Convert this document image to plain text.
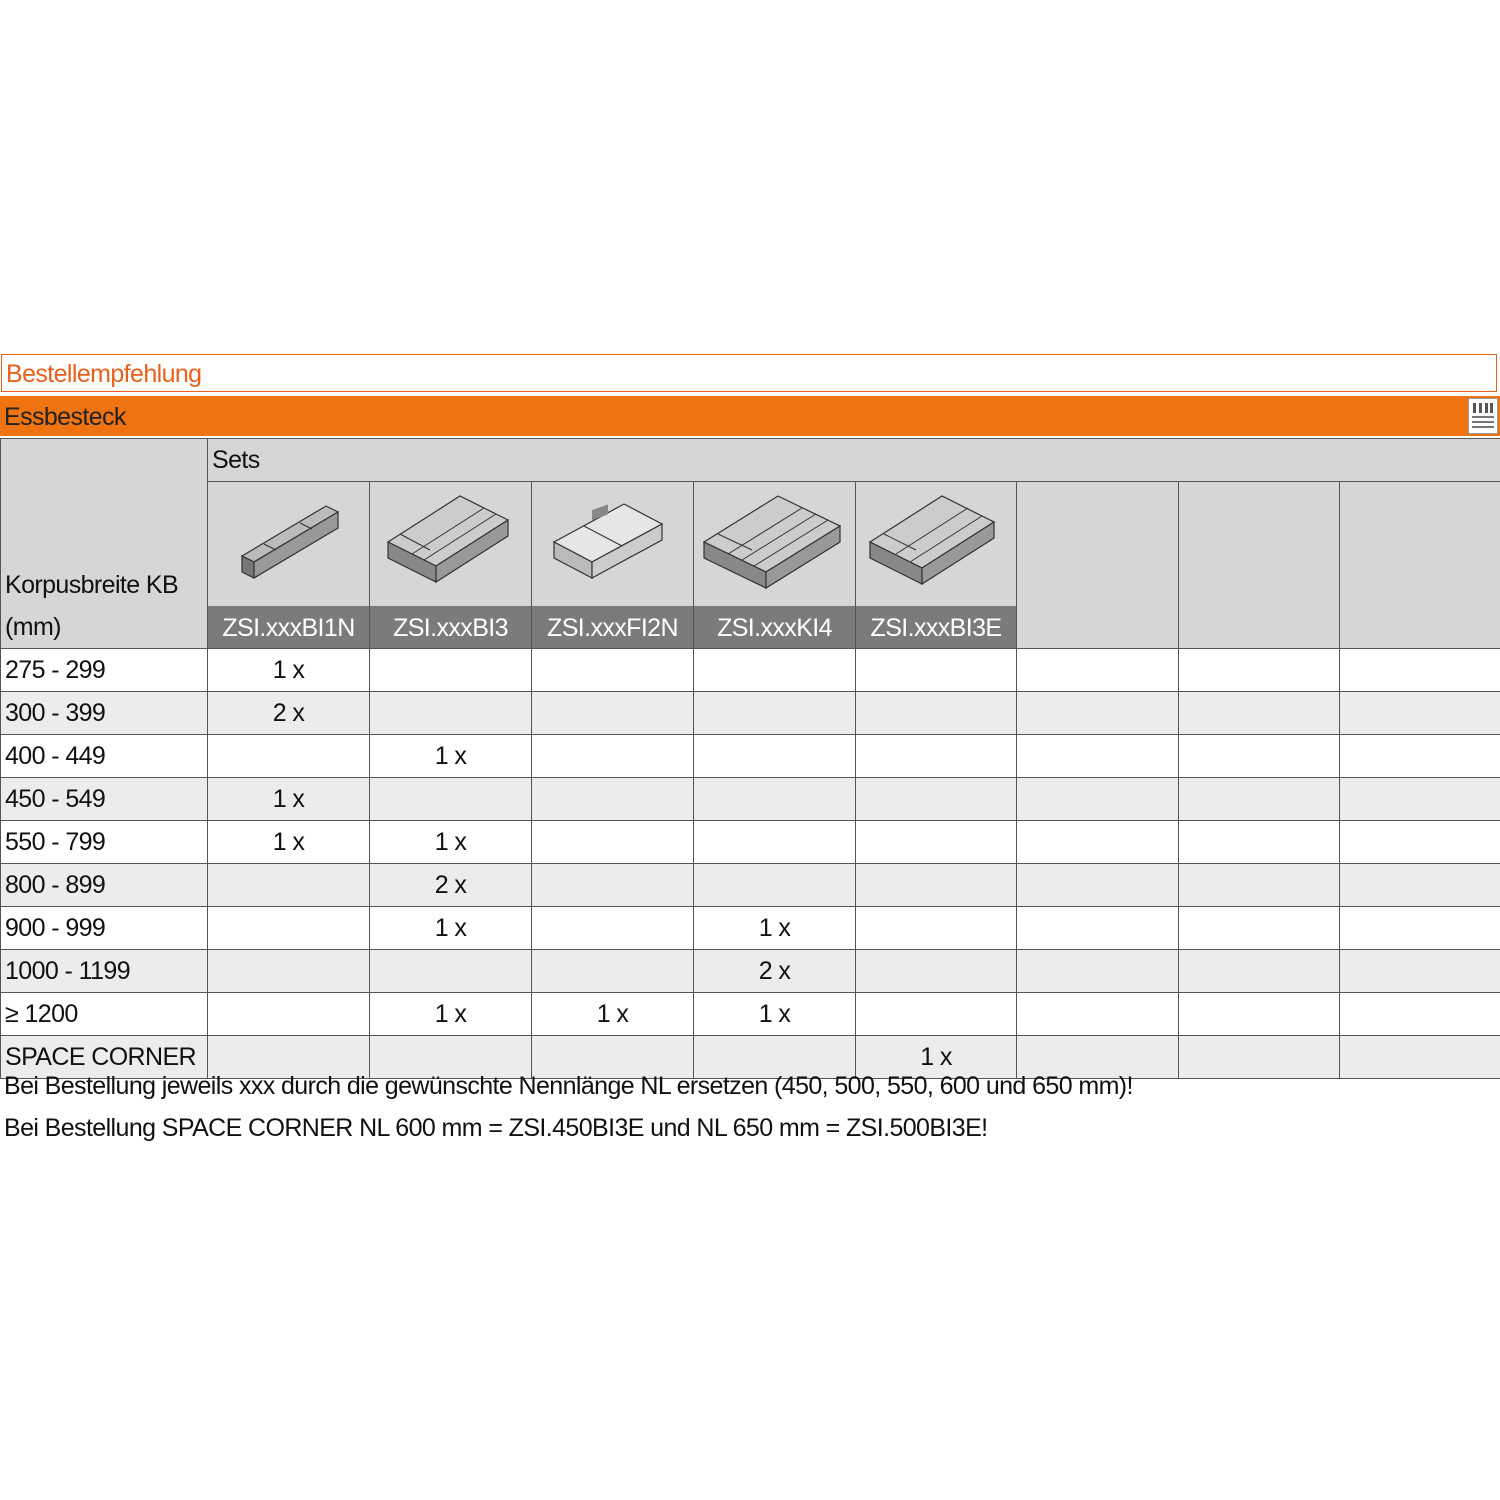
Bestellempfehlung
Essbesteck
Korpusbreite KB
(mm)	Sets							

	ZSI.xxxBI1N	ZSI.xxxBI3	ZSI.xxxFI2N	ZSI.xxxKI4	ZSI.xxxBI3E			

275 - 299	1 x							
300 - 399	2 x							
400 - 449		1 x						
450 - 549	1 x							
550 - 799	1 x	1 x						
800 - 899		2 x						
900 - 999		1 x		1 x				
1000 - 1199				2 x				
≥ 1200		1 x	1 x	1 x				
SPACE CORNER					1 x			
Bei Bestellung jeweils xxx durch die gewünschte Nennlänge NL ersetzen (450, 500, 550, 600 und 650 mm)!
Bei Bestellung SPACE CORNER NL 600 mm = ZSI.450BI3E und NL 650 mm = ZSI.500BI3E!
